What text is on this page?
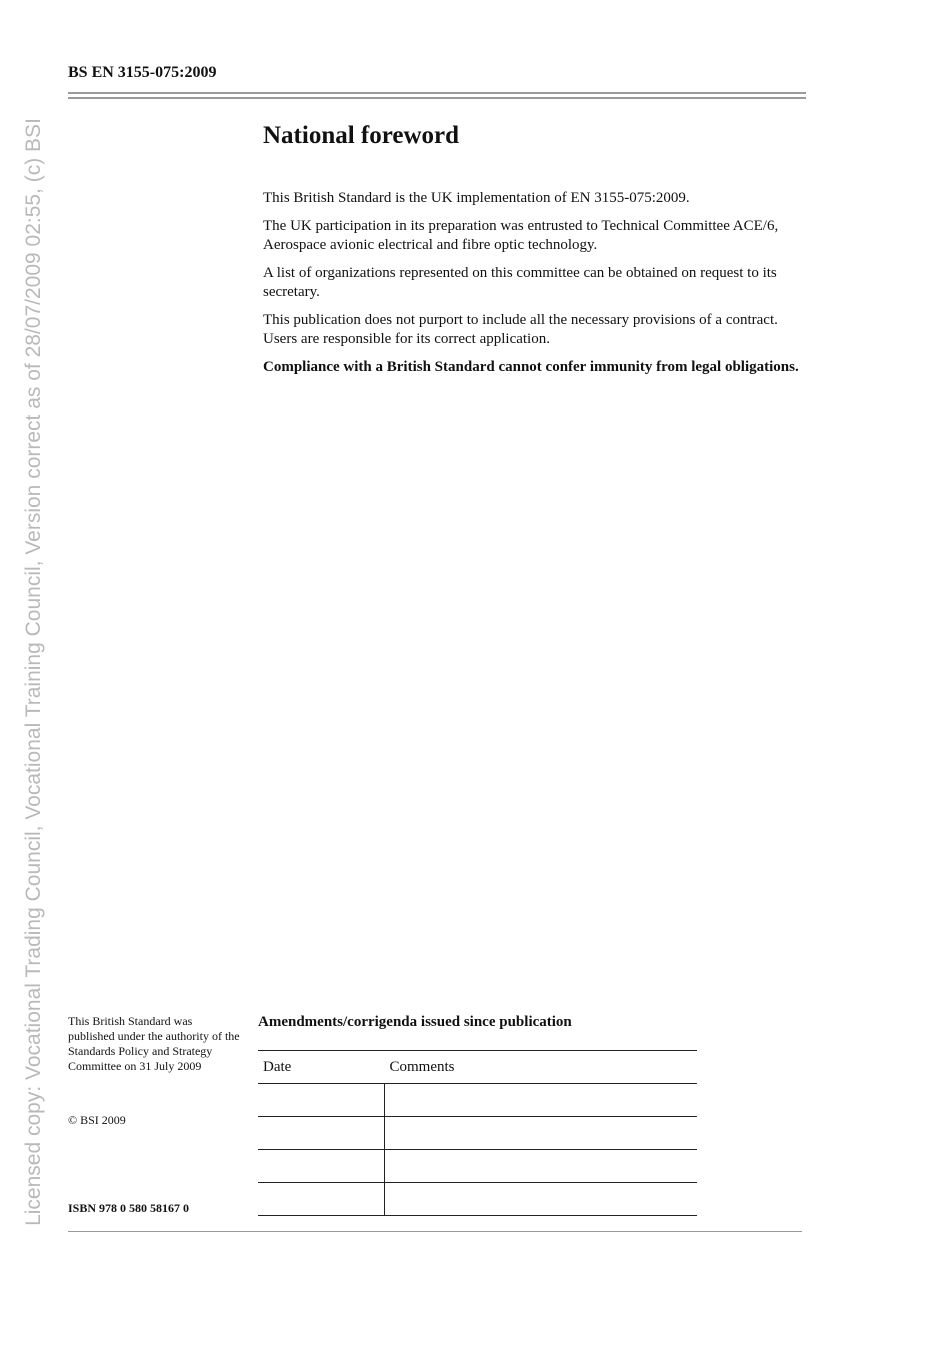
Licensed copy: Vocational Trading Council, Vocational Training Council, Version correct as of 28/07/2009 02:55, (c) BSI
BS EN 3155-075:2009
National foreword

This British Standard is the UK implementation of EN 3155-075:2009.

The UK participation in its preparation was entrusted to Technical Committee ACE/6, Aerospace avionic electrical and fibre optic technology.

A list of organizations represented on this committee can be obtained on request to its secretary.

This publication does not purport to include all the necessary provisions of a contract. Users are responsible for its correct application.

Compliance with a British Standard cannot confer immunity from legal obligations.

This British Standard was published under the authority of the Standards Policy and Strategy Committee on 31 July 2009
© BSI 2009
ISBN 978 0 580 58167 0
Amendments/corrigenda issued since publication
Date	Comments
